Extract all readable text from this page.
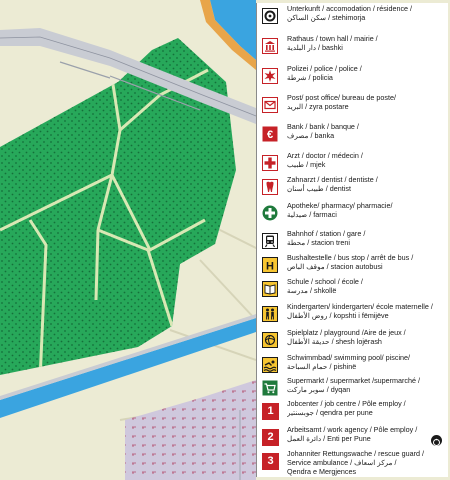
Unterkunft / accomodation / résidence /
سكن الساكن / stehimorja
Rathaus / town hall / mairie /
دار البلدية / bashki
Polizei / police / police /
شرطة / policia
Post/ post office/ bureau de poste/
البريد / zyra postare
€
Bank / bank / banque /
مصرف / banka
Arzt / doctor / médecin /
طبيب / mjek
Zahnarzt / dentist / dentiste /
طبيب أسنان / dentist
Apotheke/ pharmacy/ pharmacie/
صيدلية / farmaci
Bahnhof / station / gare /
محطة / stacion treni
H
Bushaltestelle / bus stop / arrêt de bus /
موقف الباص / stacion autobusi
Schule / school / école /
مدرسة / shkollë
Kindergarten/ kindergarten/ école maternelle /
روض الأطفال / kopshti i fëmijëve
Spielplatz / playground /Aire de jeux /
حديقة الأطفال / shesh lojërash
Schwimmbad/ swimming pool/ piscine/
حمام السباحة / pishinë
Supermarkt / supermarket /supermarché /
سوبر ماركت / dyqan
1
Jobcenter / job centre / Pôle employ /
جوبسنتير / qendra per pune
2
Arbeitsamt / work agency / Pôle employ /
دائرة العمل / Enti per Pune
3
Johanniter Rettungswache / rescue guard /
Service ambulance / مركز اسعاف /
Qendra e Mergjences
